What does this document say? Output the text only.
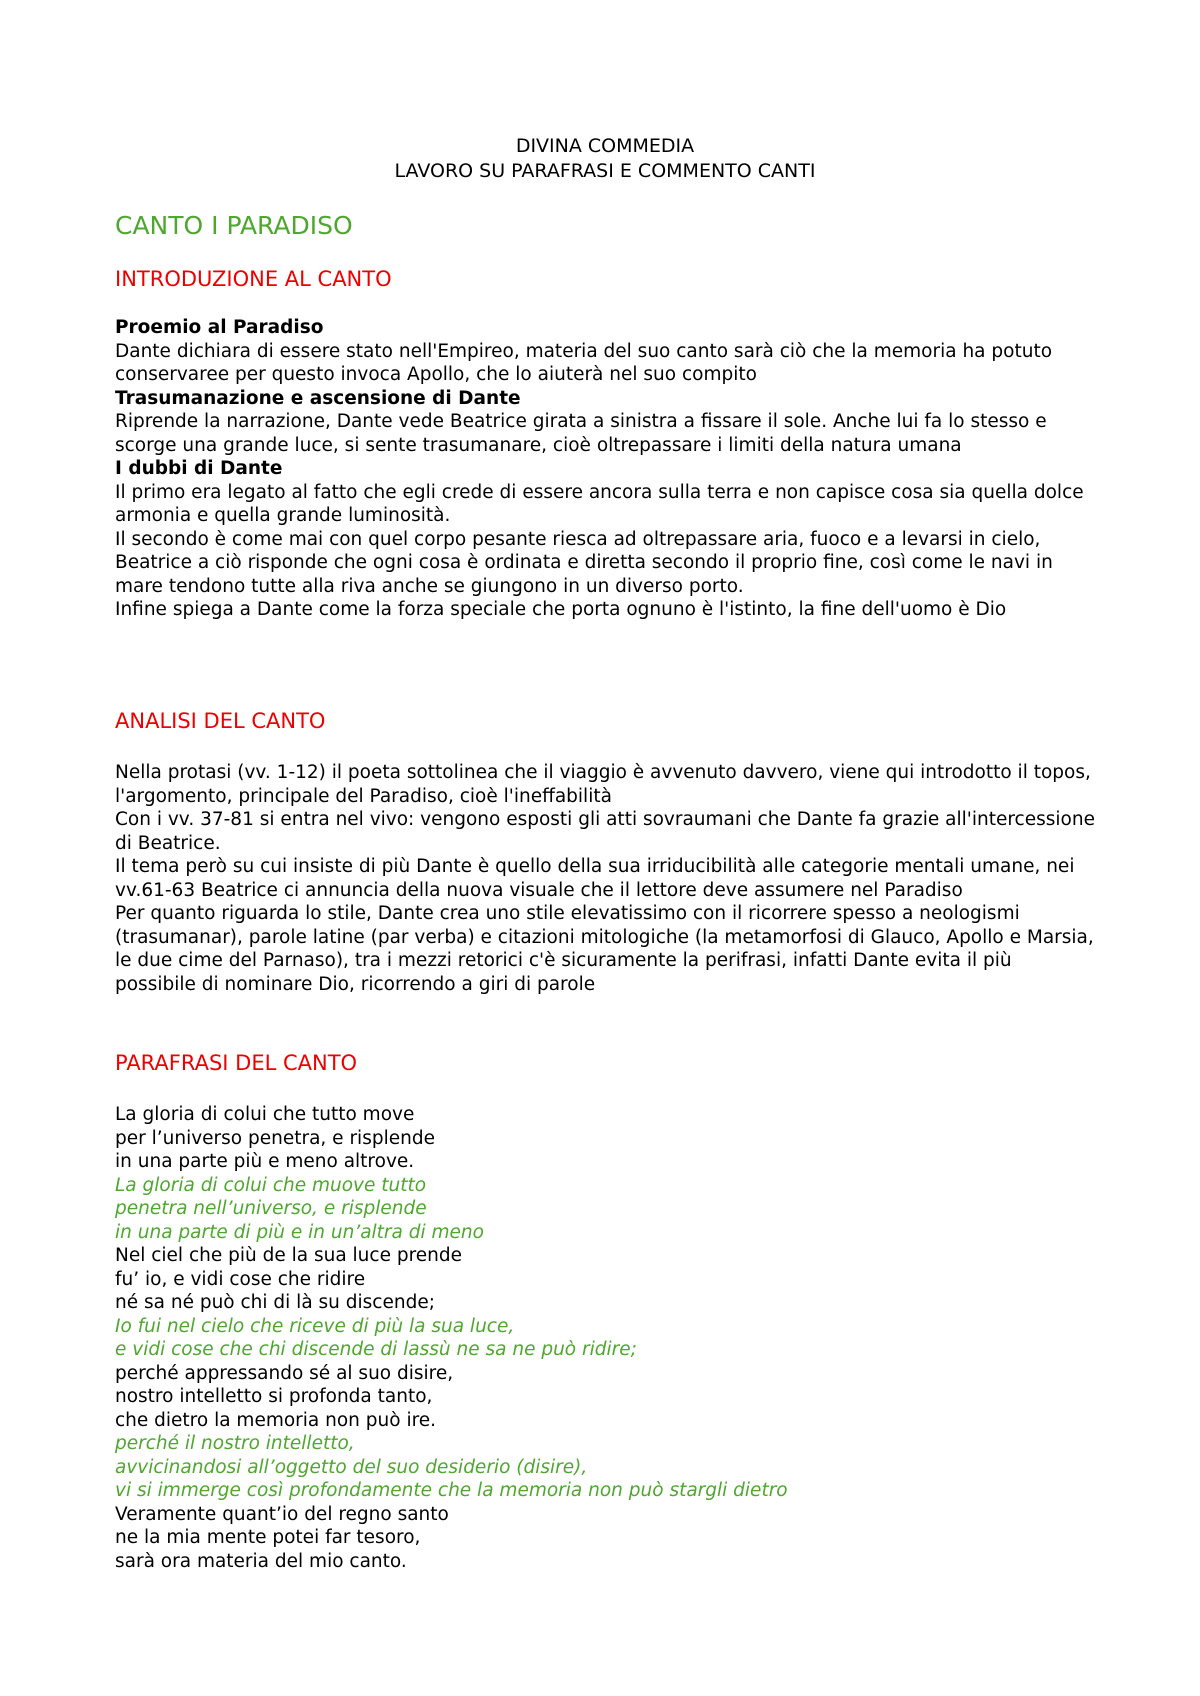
DIVINA COMMEDIA
LAVORO SU PARAFRASI E COMMENTO CANTI
CANTO I PARADISO
INTRODUZIONE AL CANTO

Proemio al Paradiso

Dante dichiara di essere stato nell'Empireo, materia del suo canto sarà ciò che la memoria ha potuto conservaree per questo invoca Apollo, che lo aiuterà nel suo compito

Trasumanazione e ascensione di Dante

Riprende la narrazione, Dante vede Beatrice girata a sinistra a fissare il sole. Anche lui fa lo stesso e scorge una grande luce, si sente trasumanare, cioè oltrepassare i limiti della natura umana

I dubbi di Dante

Il primo era legato al fatto che egli crede di essere ancora sulla terra e non capisce cosa sia quella dolce armonia e quella grande luminosità.

Il secondo è come mai con quel corpo pesante riesca ad oltrepassare aria, fuoco e a levarsi in cielo, Beatrice a ciò risponde che ogni cosa è ordinata e diretta secondo il proprio fine, così come le navi in mare tendono tutte alla riva anche se giungono in un diverso porto.

Infine spiega a Dante come la forza speciale che porta ognuno è l'istinto, la fine dell'uomo è Dio

ANALISI DEL CANTO

Nella protasi (vv. 1-12) il poeta sottolinea che il viaggio è avvenuto davvero, viene qui introdotto il topos, l'argomento, principale del Paradiso, cioè l'ineffabilità

Con i vv. 37-81 si entra nel vivo: vengono esposti gli atti sovraumani che Dante fa grazie all'intercessione di Beatrice.

Il tema però su cui insiste di più Dante è quello della sua irriducibilità alle categorie mentali umane, nei vv.61-63 Beatrice ci annuncia della nuova visuale che il lettore deve assumere nel Paradiso

Per quanto riguarda lo stile, Dante crea uno stile elevatissimo con il ricorrere spesso a neologismi (trasumanar), parole latine (par verba) e citazioni mitologiche (la metamorfosi di Glauco, Apollo e Marsia, le due cime del Parnaso), tra i mezzi retorici c'è sicuramente la perifrasi, infatti Dante evita il più possibile di nominare Dio, ricorrendo a giri di parole

PARAFRASI DEL CANTO
La gloria di colui che tutto move
per l’universo penetra, e risplende
in una parte più e meno altrove.
La gloria di colui che muove tutto
penetra nell’universo, e risplende
in una parte di più e in un’altra di meno
Nel ciel che più de la sua luce prende
fu’ io, e vidi cose che ridire
né sa né può chi di là su discende;
Io fui nel cielo che riceve di più la sua luce,
e vidi cose che chi discende di lassù ne sa ne può ridire;
perché appressando sé al suo disire,
nostro intelletto si profonda tanto,
che dietro la memoria non può ire.
perché il nostro intelletto,
avvicinandosi all’oggetto del suo desiderio (disire),
vi si immerge così profondamente che la memoria non può stargli dietro
Veramente quant’io del regno santo
ne la mia mente potei far tesoro,
sarà ora materia del mio canto.
